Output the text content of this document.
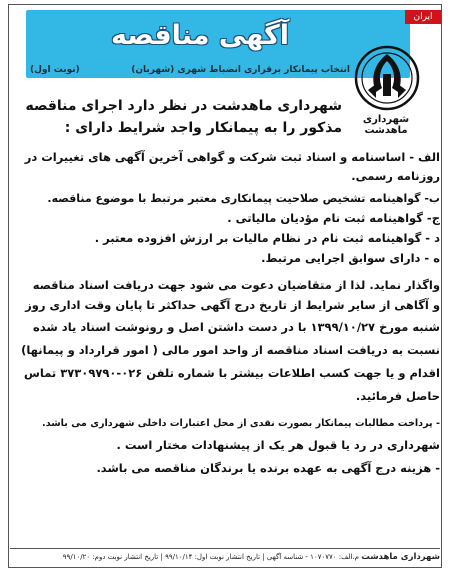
ایران
آگهی مناقصه
انتخاب پیمانکار برقراری انضباط شهری (شهربان)
(نوبت اول)
شهرداری ماهدشت
شهرداری ماهدشت در نظر دارد اجرای مناقصه
مذکور را به پیمانکار واجد شرایط دارای :
الف - اساسنامه و اسناد ثبت شرکت و گواهی آخرین آگهی های تغییرات در
روزنامه رسمی.
ب- گواهینامه تشخیص صلاحیت پیمانکاری معتبر مرتبط با موضوع مناقصه.
ج- گواهینامه ثبت نام مؤدیان مالیاتی .
د - گواهینامه ثبت نام در نظام مالیات بر ارزش افزوده معتبر .
ه - دارای سوابق اجرایی مرتبط.
واگذار نماید. لذا از متقاضیان دعوت می شود جهت دریافت اسناد مناقصه
و آگاهی از سایر شرایط از تاریخ درج آگهی حداکثر تا پایان وقت اداری روز
شنبه مورخ ۱۳۹۹/۱۰/۲۷ با در دست داشتن اصل و رونوشت اسناد یاد شده
نسبت به دریافت اسناد مناقصه از واحد امور مالی ( امور قرارداد و پیمانها)
اقدام و یا جهت کسب اطلاعات بیشتر با شماره تلفن ۰۲۶-۳۷۳۰۹۷۹۰ تماس
حاصل فرمائید.
- پرداخت مطالبات پیمانکار بصورت نقدی از محل اعتبارات داخلی شهرداری می باشد.
شهرداری در رد یا قبول هر یک از پیشنهادات مختار است .
- هزینه درج آگهی به عهده برنده یا برندگان مناقصه می باشد.
شهرداری ماهدشت م.الف: ۱۰۷۰۷۷۰ - شناسه آگهی | تاریخ انتشار نوبت اول: ۹۹/۱۰/۱۴ | تاریخ انتشار نوبت دوم: ۹۹/۱۰/۲۰
